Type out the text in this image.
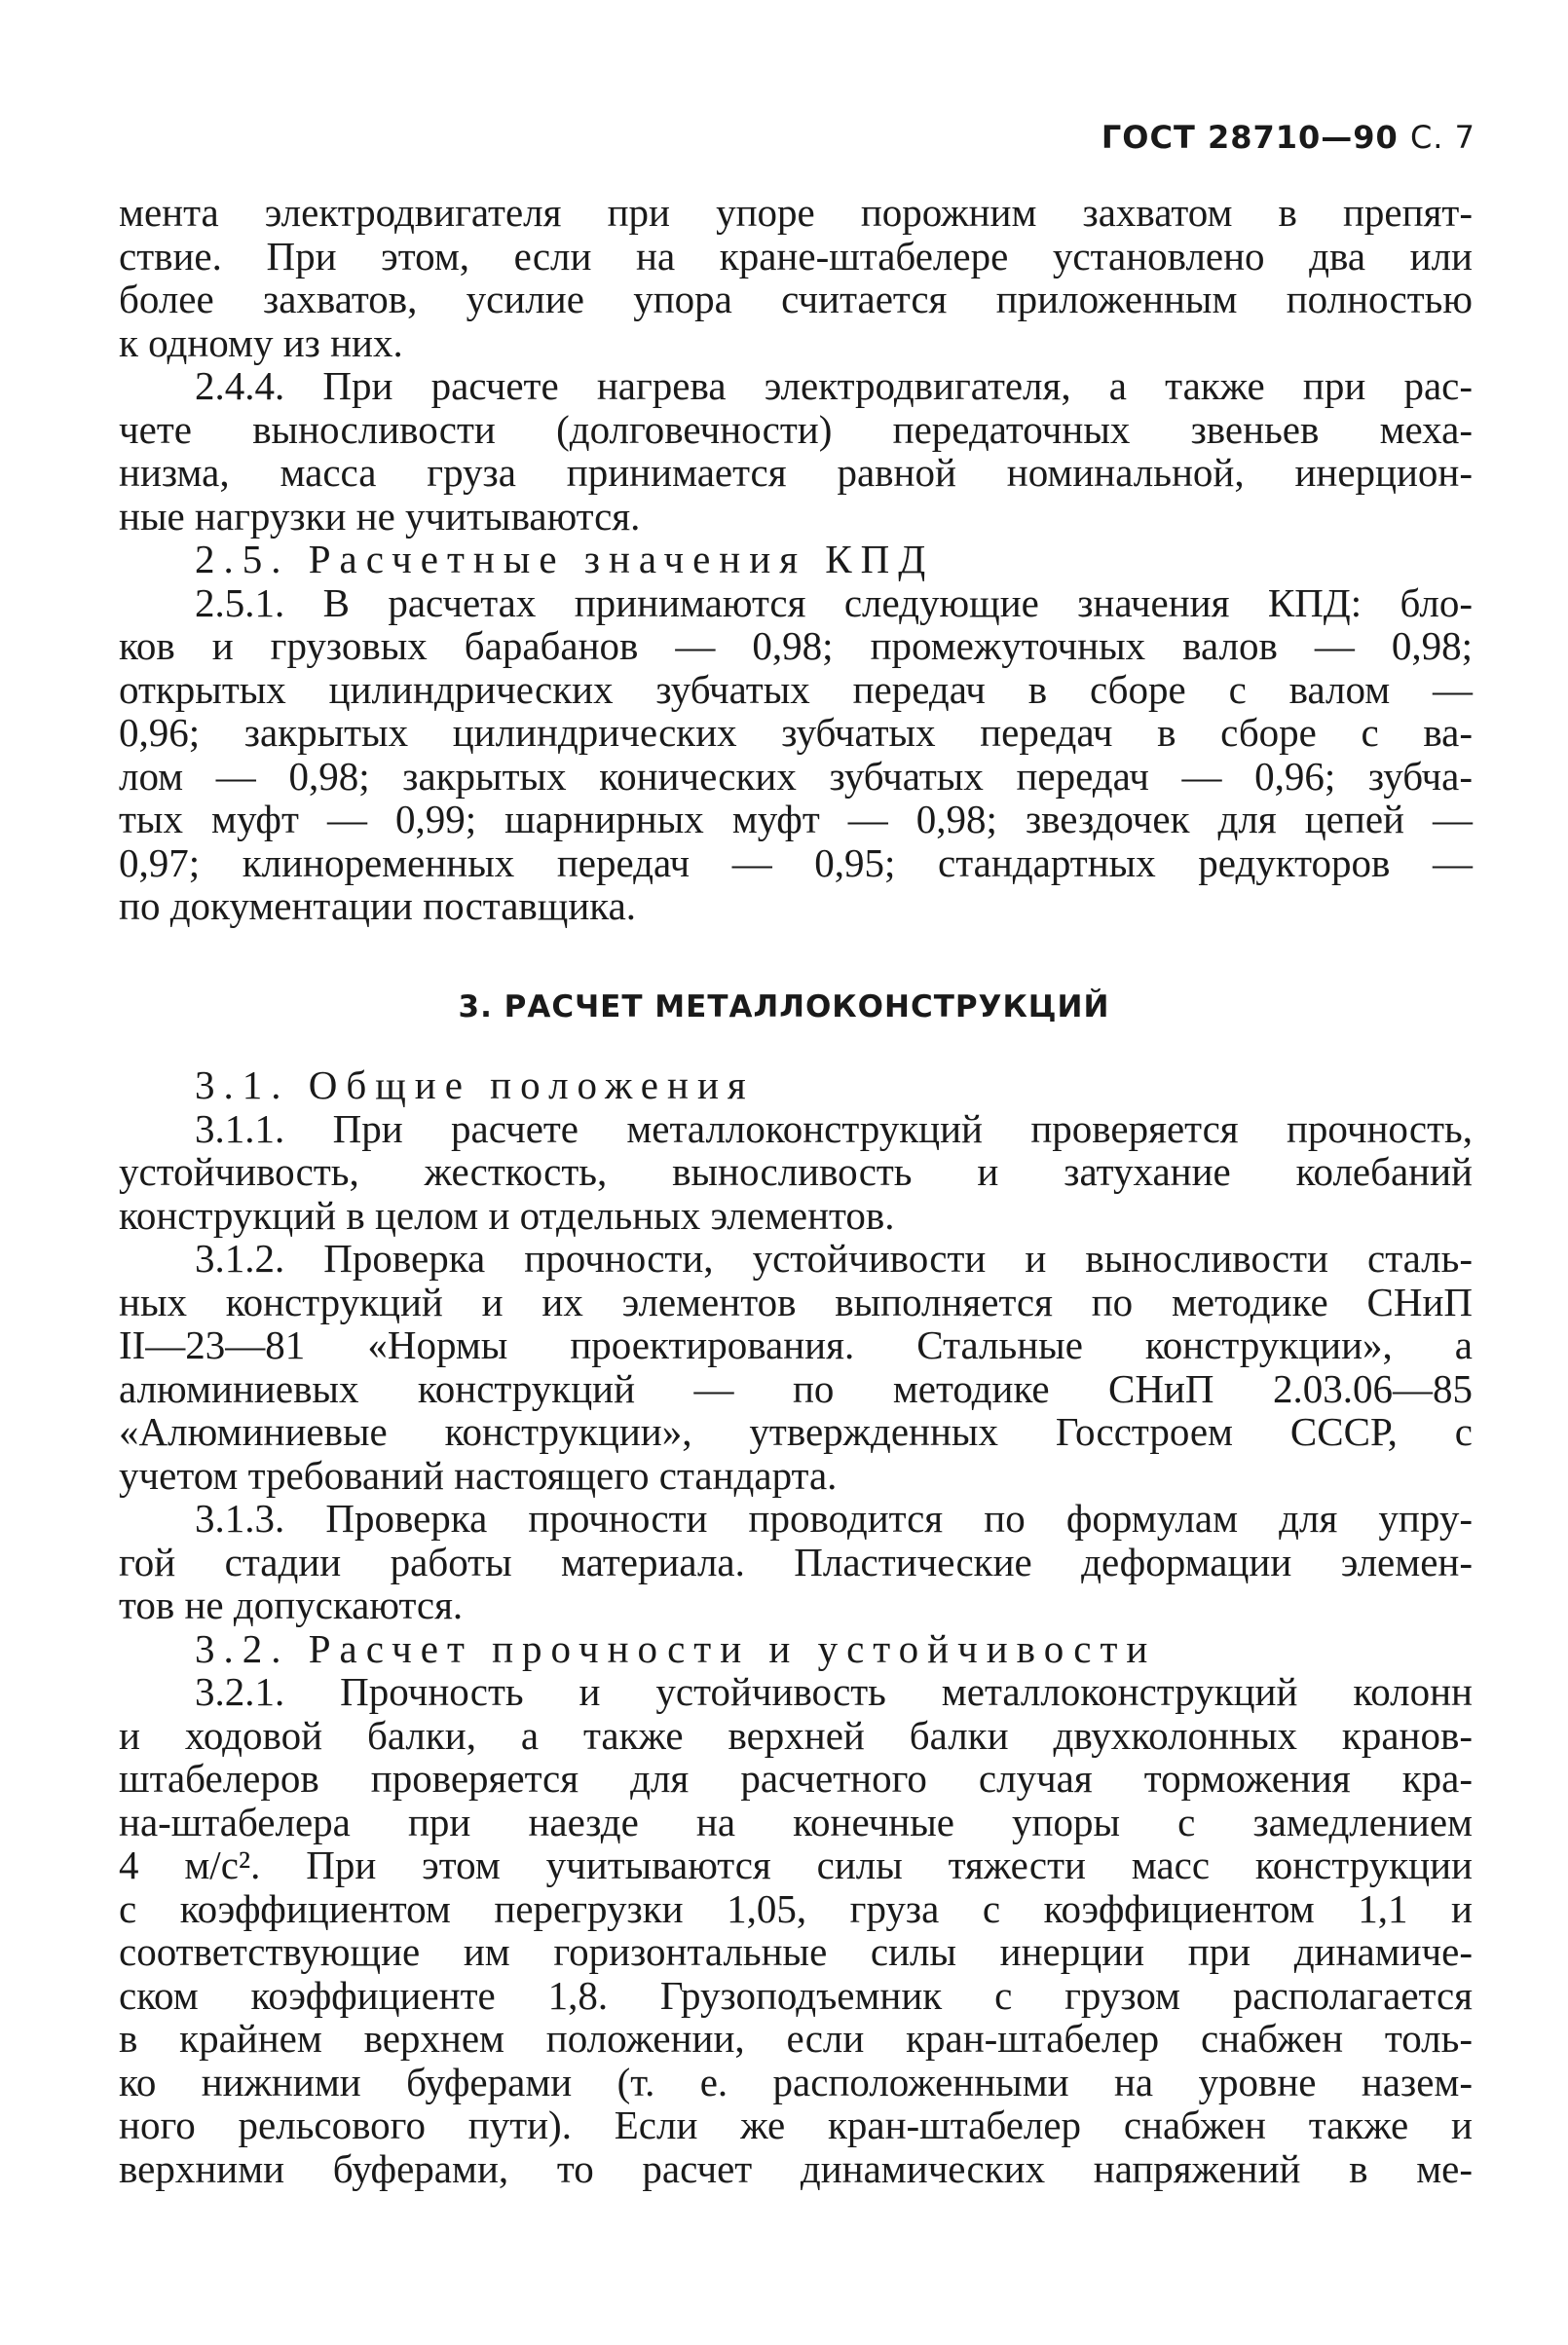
ГОСТ 28710—90 С. 7
мента электродвигателя при упоре порожним захватом в препят-
ствие. При этом, если на кране-штабелере установлено два или
более захватов, усилие упора считается приложенным полностью
к одному из них.
2.4.4. При расчете нагрева электродвигателя, а также при рас-
чете выносливости (долговечности) передаточных звеньев меха-
низма, масса груза принимается равной номинальной, инерцион-
ные нагрузки не учитываются.
2.5. Расчетные значения КПД
2.5.1. В расчетах принимаются следующие значения КПД: бло-
ков и грузовых барабанов — 0,98; промежуточных валов — 0,98;
открытых цилиндрических зубчатых передач в сборе с валом —
0,96; закрытых цилиндрических зубчатых передач в сборе с ва-
лом — 0,98; закрытых конических зубчатых передач — 0,96; зубча-
тых муфт — 0,99; шарнирных муфт — 0,98; звездочек для цепей —
0,97; клиноременных передач — 0,95; стандартных редукторов —
по документации поставщика.
3. РАСЧЕТ МЕТАЛЛОКОНСТРУКЦИЙ
3.1. Общие положения
3.1.1. При расчете металлоконструкций проверяется прочность,
устойчивость, жесткость, выносливость и затухание колебаний
конструкций в целом и отдельных элементов.
3.1.2. Проверка прочности, устойчивости и выносливости сталь-
ных конструкций и их элементов выполняется по методике СНиП
II—23—81 «Нормы проектирования. Стальные конструкции», а
алюминиевых конструкций — по методике СНиП 2.03.06—85
«Алюминиевые конструкции», утвержденных Госстроем СССР, с
учетом требований настоящего стандарта.
3.1.3. Проверка прочности проводится по формулам для упру-
гой стадии работы материала. Пластические деформации элемен-
тов не допускаются.
3.2. Расчет прочности и устойчивости
3.2.1. Прочность и устойчивость металлоконструкций колонн
и ходовой балки, а также верхней балки двухколонных кранов-
штабелеров проверяется для расчетного случая торможения кра-
на-штабелера при наезде на конечные упоры с замедлением
4 м/с². При этом учитываются силы тяжести масс конструкции
с коэффициентом перегрузки 1,05, груза с коэффициентом 1,1 и
соответствующие им горизонтальные силы инерции при динамиче-
ском коэффициенте 1,8. Грузоподъемник с грузом располагается
в крайнем верхнем положении, если кран-штабелер снабжен толь-
ко нижними буферами (т. е. расположенными на уровне назем-
ного рельсового пути). Если же кран-штабелер снабжен также и
верхними буферами, то расчет динамических напряжений в ме-
